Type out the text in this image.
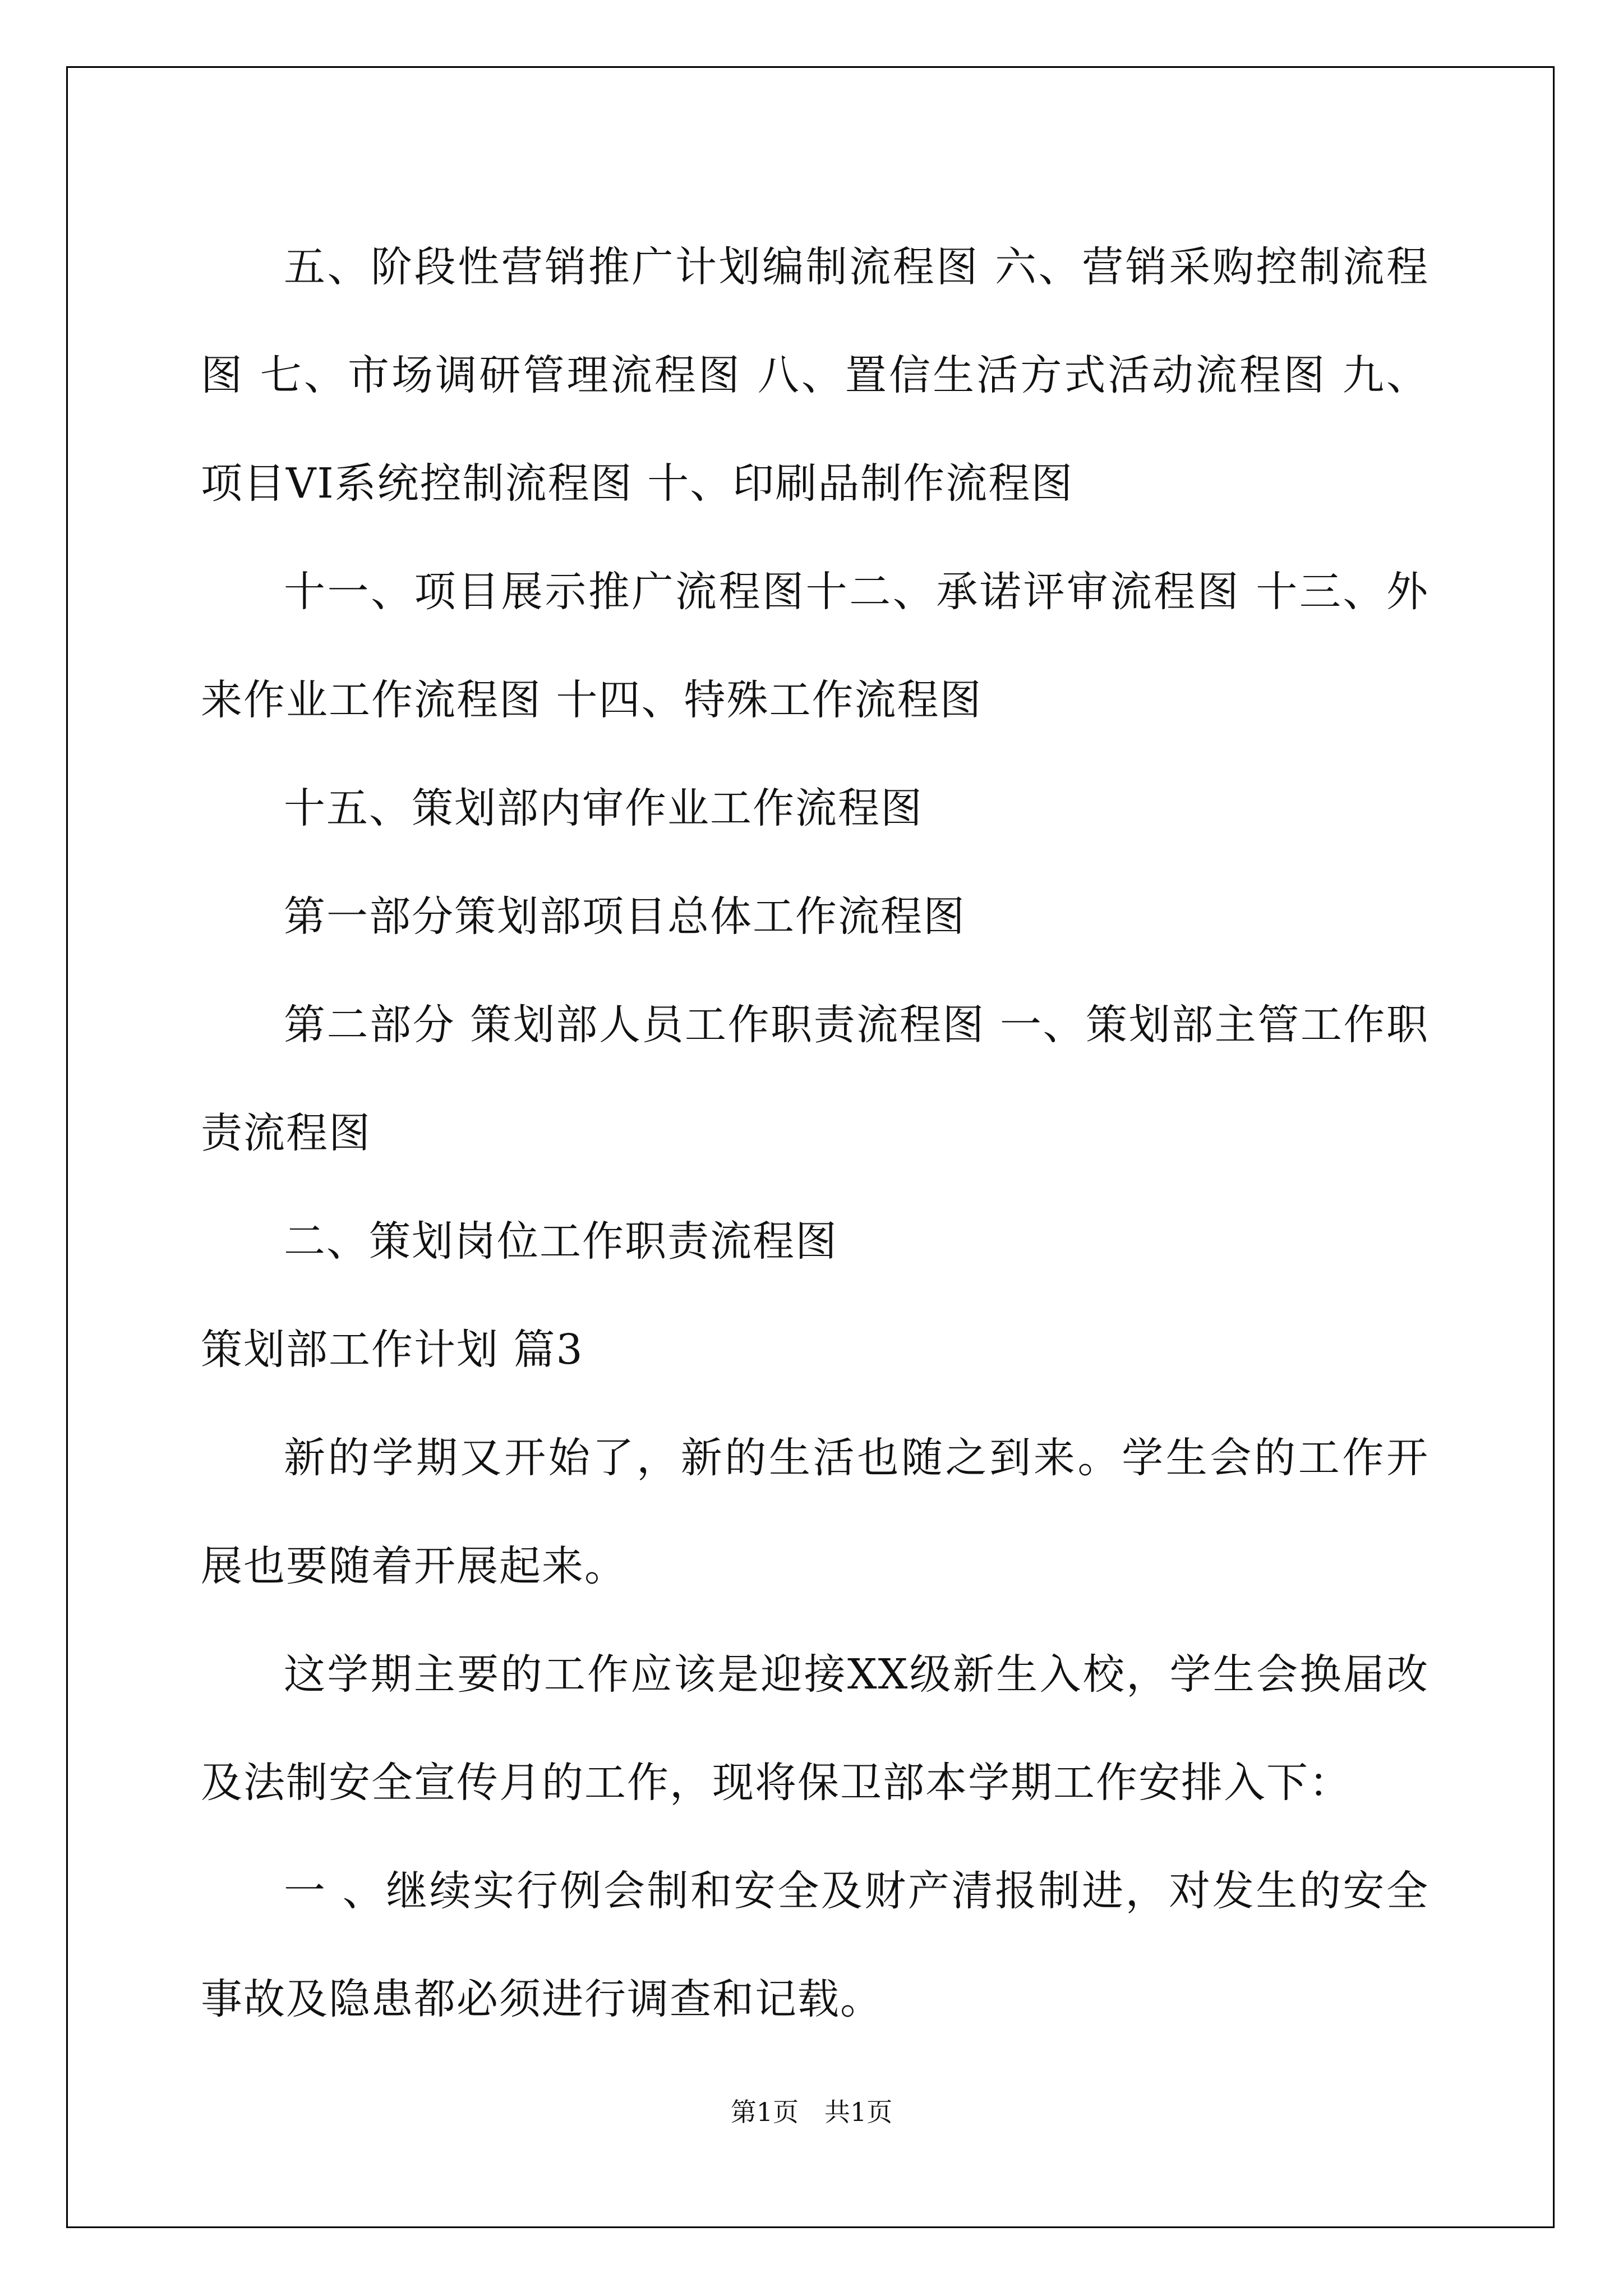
五、阶段性营销推广计划编制流程图 六、营销采购控制流程图 七、市场调研管理流程图 八、置信生活方式活动流程图 九、项目VI系统控制流程图 十、印刷品制作流程图

十一、项目展示推广流程图十二、承诺评审流程图 十三、外来作业工作流程图 十四、特殊工作流程图

十五、策划部内审作业工作流程图

第一部分策划部项目总体工作流程图

第二部分 策划部人员工作职责流程图 一、策划部主管工作职责流程图

二、策划岗位工作职责流程图

策划部工作计划 篇3

新的学期又开始了，新的生活也随之到来。学生会的工作开展也要随着开展起来。

这学期主要的工作应该是迎接XX级新生入校，学生会换届改及法制安全宣传月的工作，现将保卫部本学期工作安排入下：

一 、继续实行例会制和安全及财产清报制进，对发生的安全事故及隐患都必须进行调查和记载。

第1页　共1页
